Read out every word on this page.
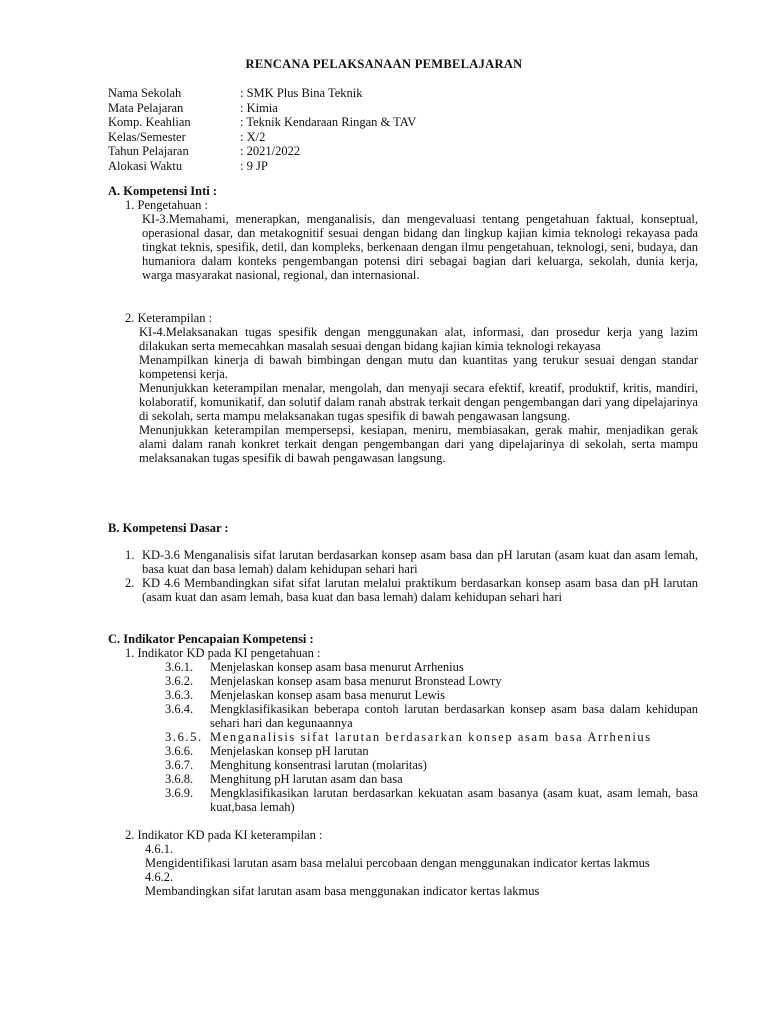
RENCANA PELAKSANAAN PEMBELAJARAN
Nama Sekolah	: SMK Plus Bina Teknik
Mata Pelajaran	: Kimia
Komp. Keahlian	: Teknik Kendaraan Ringan & TAV
Kelas/Semester	: X/2
Tahun Pelajaran	: 2021/2022
Alokasi Waktu	: 9 JP
A. Kompetensi Inti :
1. Pengetahuan :

KI-3.Memahami, menerapkan, menganalisis, dan mengevaluasi tentang pengetahuan faktual, konseptual, operasional dasar, dan metakognitif sesuai dengan bidang dan lingkup kajian kimia teknologi rekayasa pada tingkat teknis, spesifik, detil, dan kompleks, berkenaan dengan ilmu pengetahuan, teknologi, seni, budaya, dan humaniora dalam konteks pengembangan potensi diri sebagai bagian dari keluarga, sekolah, dunia kerja, warga masyarakat nasional, regional, dan internasional.

2. Keterampilan :

KI-4.Melaksanakan tugas spesifik dengan menggunakan alat, informasi, dan prosedur kerja yang lazim dilakukan serta memecahkan masalah sesuai dengan bidang kajian kimia teknologi rekayasa

Menampilkan kinerja di bawah bimbingan dengan mutu dan kuantitas yang terukur sesuai dengan standar kompetensi kerja.

Menunjukkan keterampilan menalar, mengolah, dan menyaji secara efektif, kreatif, produktif, kritis, mandiri, kolaboratif, komunikatif, dan solutif dalam ranah abstrak terkait dengan pengembangan dari yang dipelajarinya di sekolah, serta mampu melaksanakan tugas spesifik di bawah pengawasan langsung.

Menunjukkan keterampilan mempersepsi, kesiapan, meniru, membiasakan, gerak mahir, menjadikan gerak alami dalam ranah konkret terkait dengan pengembangan dari yang dipelajarinya di sekolah, serta mampu melaksanakan tugas spesifik di bawah pengawasan langsung.

B. Kompetensi Dasar :
1. KD-3.6 Menganalisis sifat larutan berdasarkan konsep asam basa dan pH larutan (asam kuat dan asam lemah, basa kuat dan basa lemah) dalam kehidupan sehari hari
2. KD 4.6 Membandingkan sifat sifat larutan melalui praktikum berdasarkan konsep asam basa dan pH larutan (asam kuat dan asam lemah, basa kuat dan basa lemah) dalam kehidupan sehari hari
C. Indikator Pencapaian Kompetensi :
1. Indikator KD pada KI pengetahuan :
3.6.1.	Menjelaskan konsep asam basa menurut Arrhenius
3.6.2.	Menjelaskan konsep asam basa menurut Bronstead Lowry
3.6.3.	Menjelaskan konsep asam basa menurut Lewis
3.6.4.	Mengklasifikasikan beberapa contoh larutan berdasarkan konsep asam basa dalam kehidupan sehari hari dan kegunaannya
3.6.5. Menganalisis sifat larutan berdasarkan konsep asam basa Arrhenius
3.6.6.	Menjelaskan konsep pH larutan
3.6.7.	Menghitung konsentrasi larutan (molaritas)
3.6.8.	Menghitung pH larutan asam dan basa
3.6.9.	Mengklasifikasikan larutan berdasarkan kekuatan asam basanya (asam kuat, asam lemah, basa kuat,basa lemah)
2. Indikator KD pada KI keterampilan :

4.6.1.

Mengidentifikasi larutan asam basa melalui percobaan dengan menggunakan indicator kertas lakmus

4.6.2.

Membandingkan sifat larutan asam basa menggunakan indicator kertas lakmus
